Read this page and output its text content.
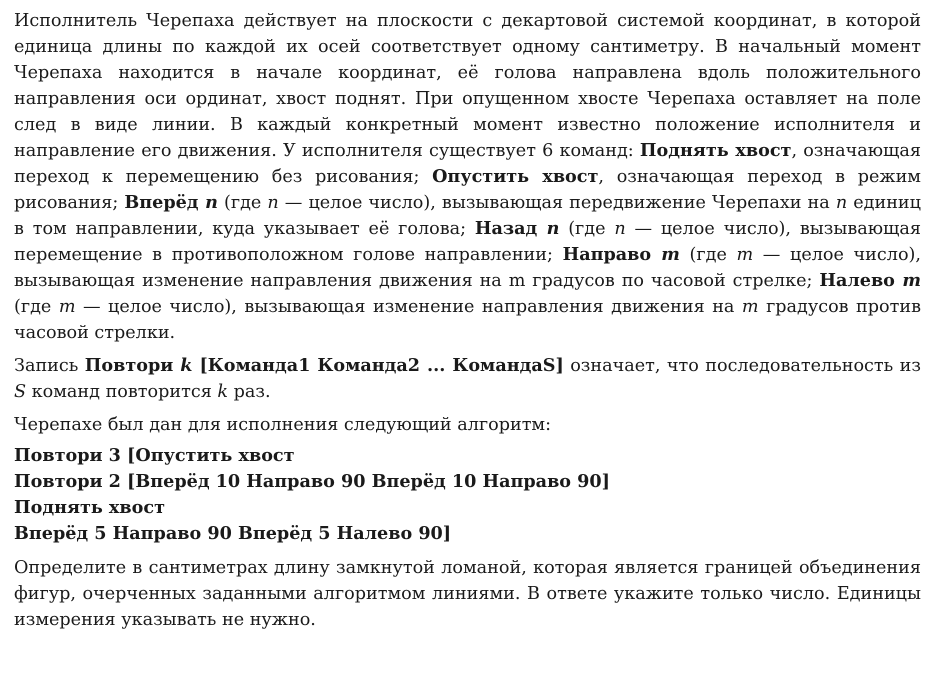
Исполнитель Черепаха действует на плоскости с декартовой системой координат, в которой единица длины по каждой их осей соответствует одному сантиметру. В начальный момент Черепаха находится в начале координат, её голова направлена вдоль положительного направления оси ординат, хвост поднят. При опущенном хвосте Черепаха оставляет на поле след в виде линии. В каждый конкретный момент известно положение исполнителя и направление его движения. У исполнителя существует 6 команд: Поднять хвост, означающая переход к перемещению без рисования; Опустить хвост, означающая переход в режим рисования; Вперёд n (где n — целое число), вызывающая передвижение Черепахи на n единиц в том направлении, куда указывает её голова; Назад n (где n — целое число), вызывающая перемещение в противоположном голове направлении; Направо m (где m — целое число), вызывающая изменение направления движения на m градусов по часовой стрелке; Налево m (где m — целое число), вызывающая изменение направления движения на m градусов против часовой стрелки.

Запись Повтори k [Команда1 Команда2 ... КомандаS] означает, что последовательность из S команд повторится k раз.

Черепахе был дан для исполнения следующий алгоритм:

Повтори 3 [Опустить хвост
Повтори 2 [Вперёд 10 Направо 90 Вперёд 10 Направо 90]
Поднять хвост
Вперёд 5 Направо 90 Вперёд 5 Налево 90]

Определите в сантиметрах длину замкнутой ломаной, которая является границей объединения фигур, очерченных заданными алгоритмом линиями. В ответе укажите только число. Единицы измерения указывать не нужно.
